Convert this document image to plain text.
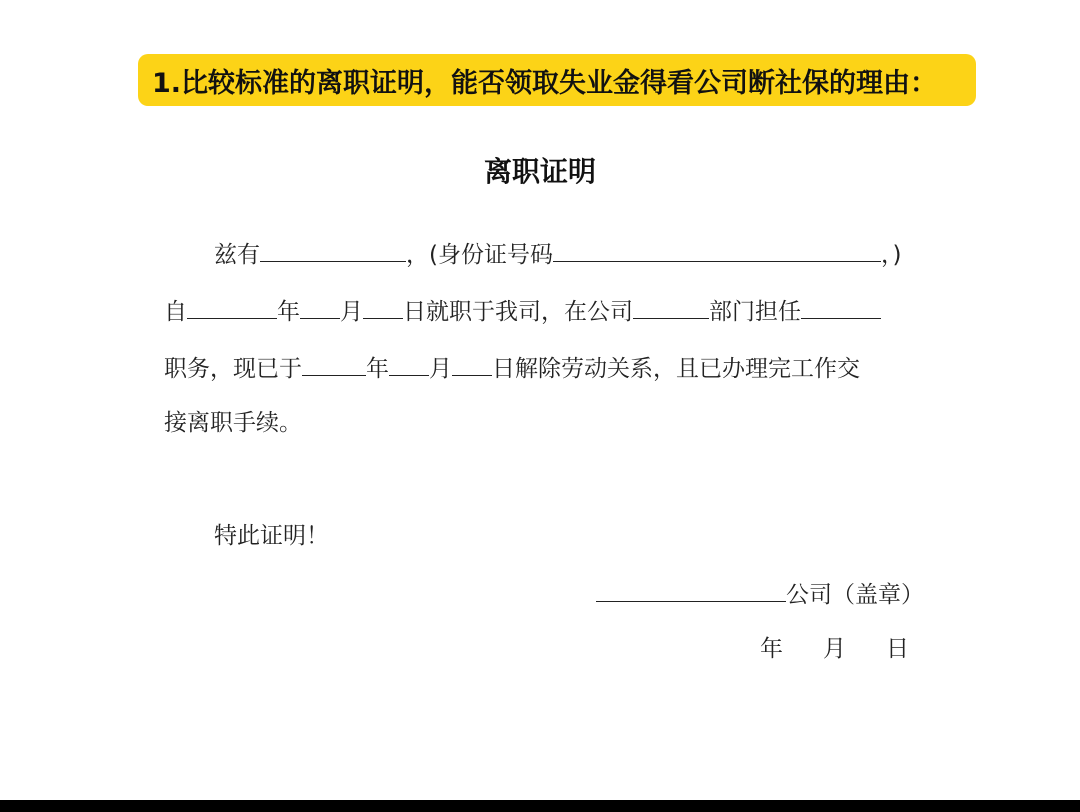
1.比较标准的离职证明，能否领取失业金得看公司断社保的理由：
离职证明
兹有	，(身份证号码	，)
自	年 月 日就职于我司，在公司	部门担任
职务，现已于	年 月 日解除劳动关系，且已办理完工作交
接离职手续。
特此证明！
公司（盖章）
年 月 日
